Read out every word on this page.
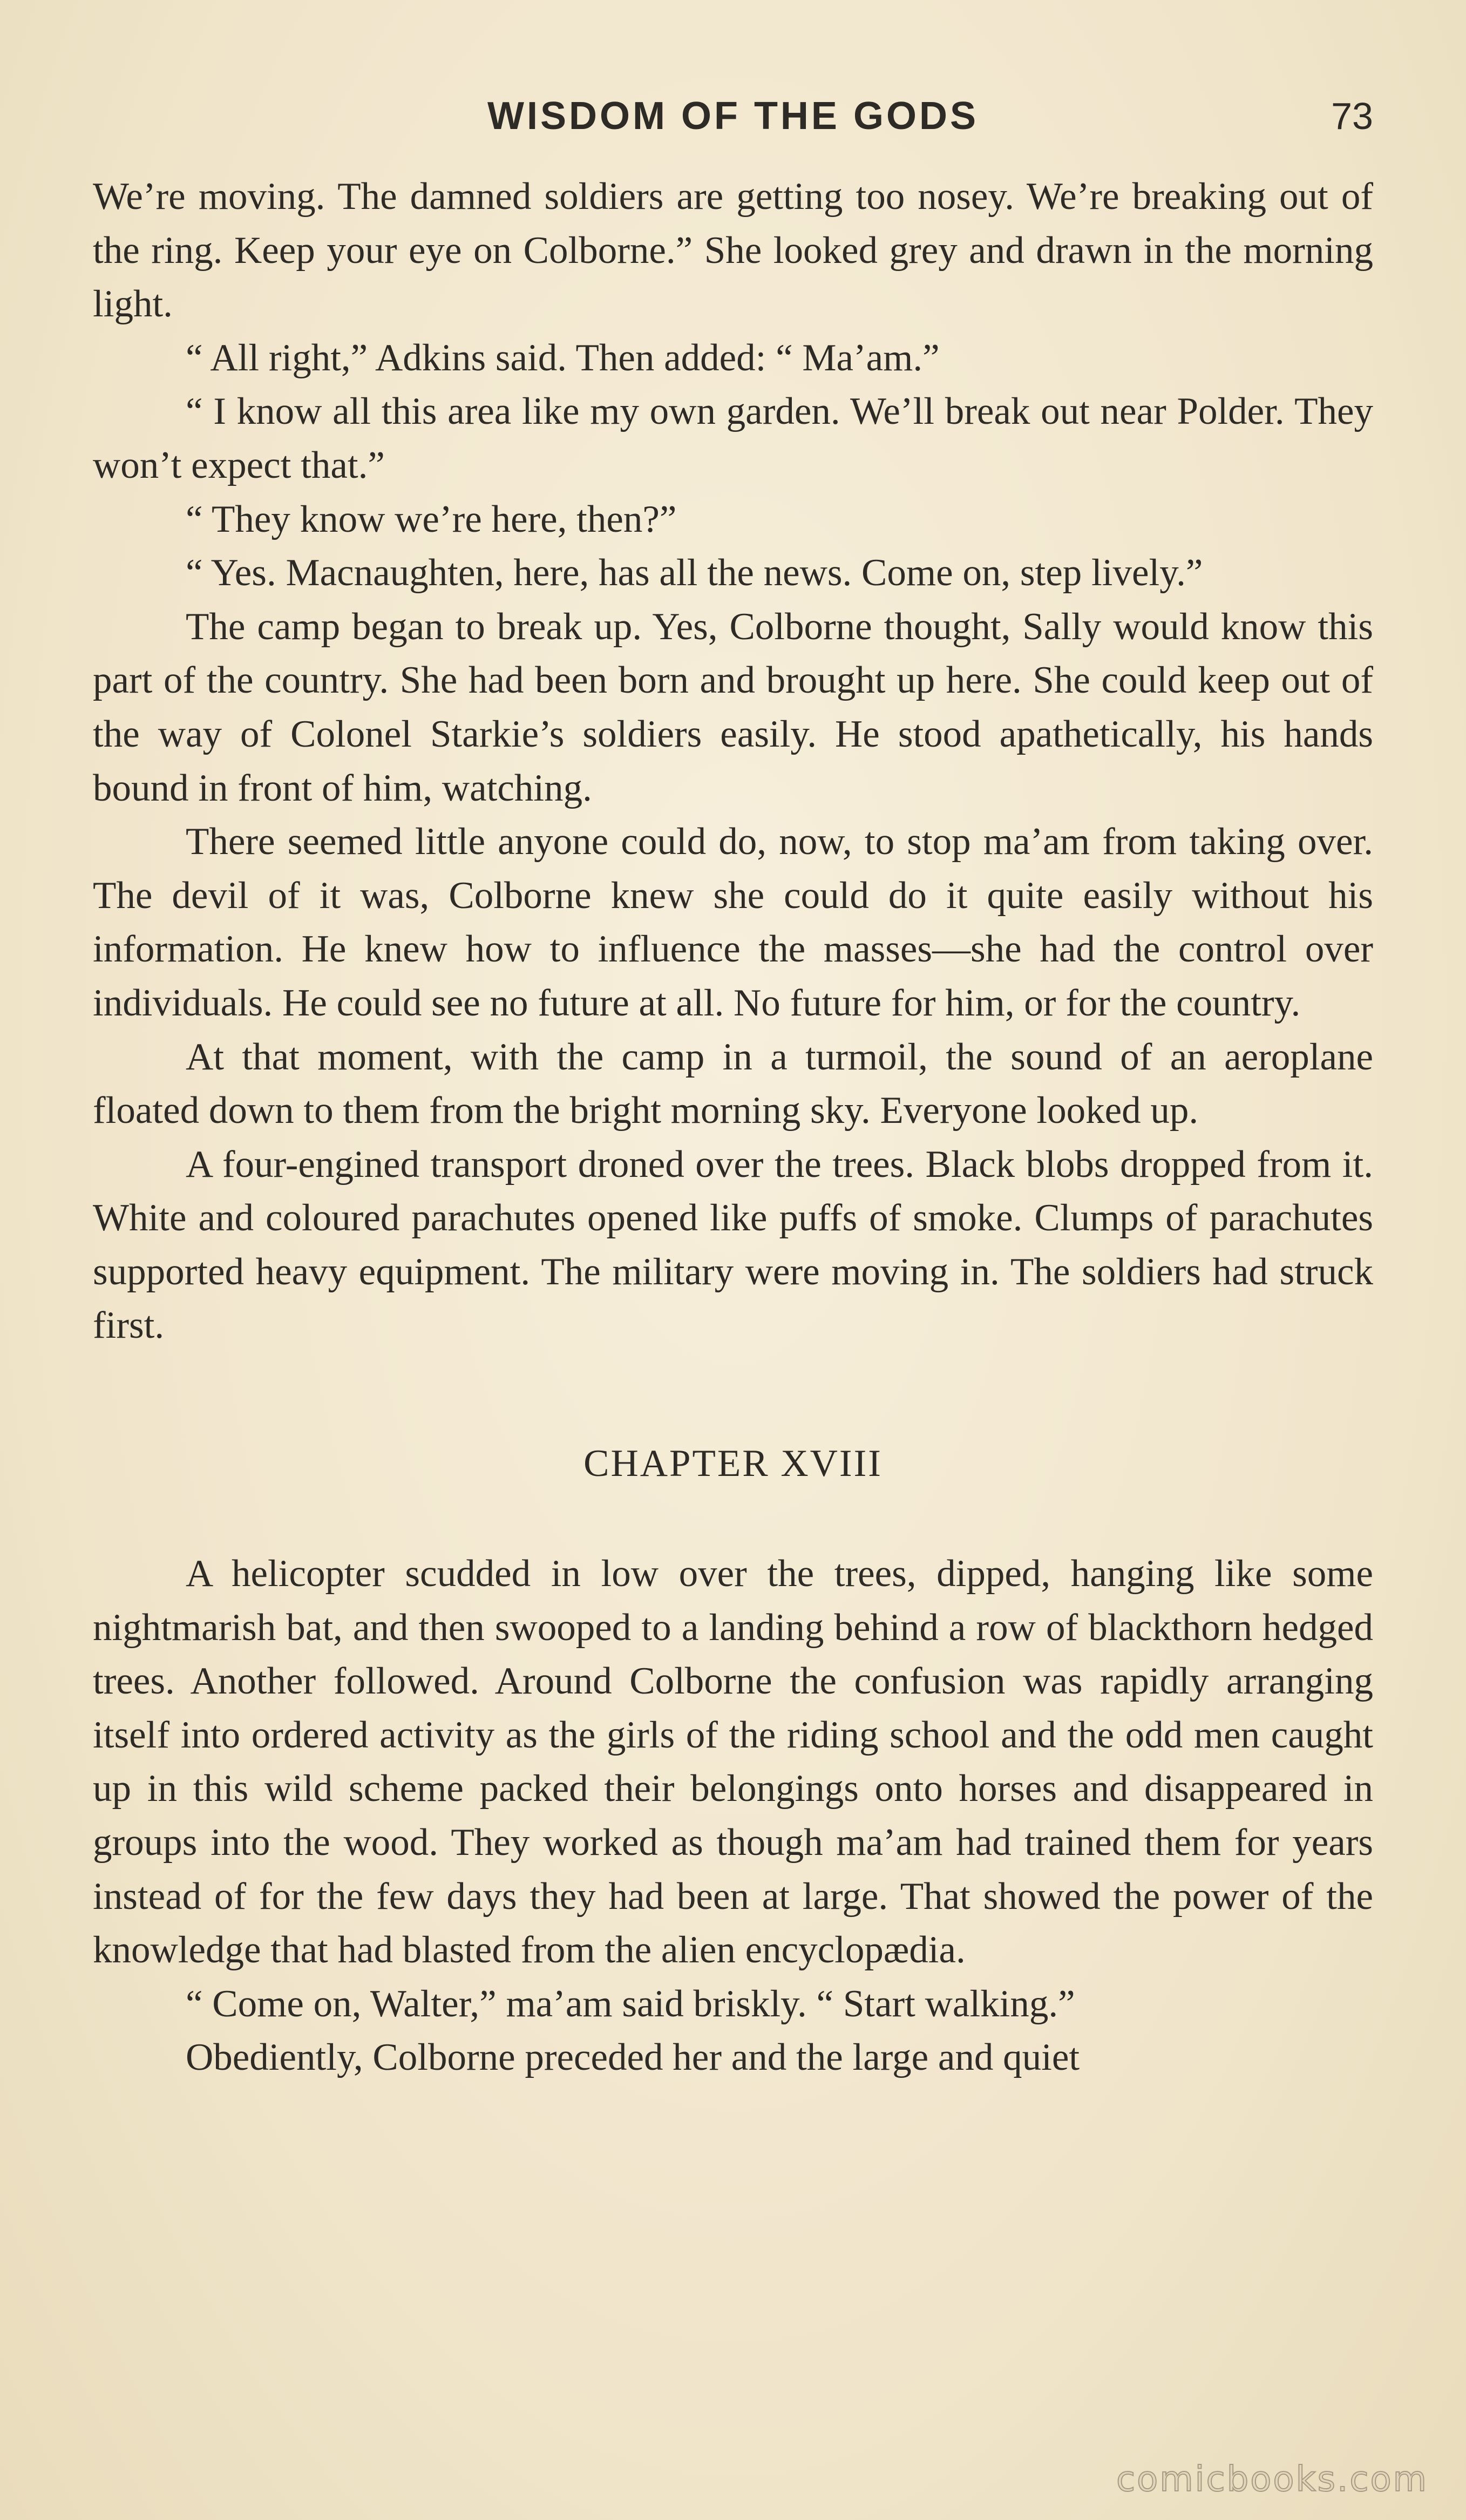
WISDOM OF THE GODS	73

We’re moving. The damned soldiers are getting too nosey. We’re breaking out of the ring. Keep your eye on Colborne.” She looked grey and drawn in the morning light.

“ All right,” Adkins said. Then added: “ Ma’am.”

“ I know all this area like my own garden. We’ll break out near Polder. They won’t expect that.”

“ They know we’re here, then?”

“ Yes. Macnaughten, here, has all the news. Come on, step lively.”

The camp began to break up. Yes, Colborne thought, Sally would know this part of the country. She had been born and brought up here. She could keep out of the way of Colonel Starkie’s soldiers easily. He stood apathetically, his hands bound in front of him, watching.

There seemed little anyone could do, now, to stop ma’am from taking over. The devil of it was, Colborne knew she could do it quite easily without his information. He knew how to influence the masses—she had the control over individuals. He could see no future at all. No future for him, or for the country.

At that moment, with the camp in a turmoil, the sound of an aeroplane floated down to them from the bright morning sky. Everyone looked up.

A four-engined transport droned over the trees. Black blobs dropped from it. White and coloured parachutes opened like puffs of smoke. Clumps of parachutes supported heavy equipment. The military were moving in. The soldiers had struck first.

CHAPTER XVIII

A helicopter scudded in low over the trees, dipped, hanging like some nightmarish bat, and then swooped to a landing behind a row of blackthorn hedged trees. Another followed. Around Colborne the confusion was rapidly arranging itself into ordered activity as the girls of the riding school and the odd men caught up in this wild scheme packed their belongings onto horses and disappeared in groups into the wood. They worked as though ma’am had trained them for years instead of for the few days they had been at large. That showed the power of the knowledge that had blasted from the alien encyclopædia.

“ Come on, Walter,” ma’am said briskly. “ Start walking.”

Obediently, Colborne preceded her and the large and quiet

comicbooks.com
